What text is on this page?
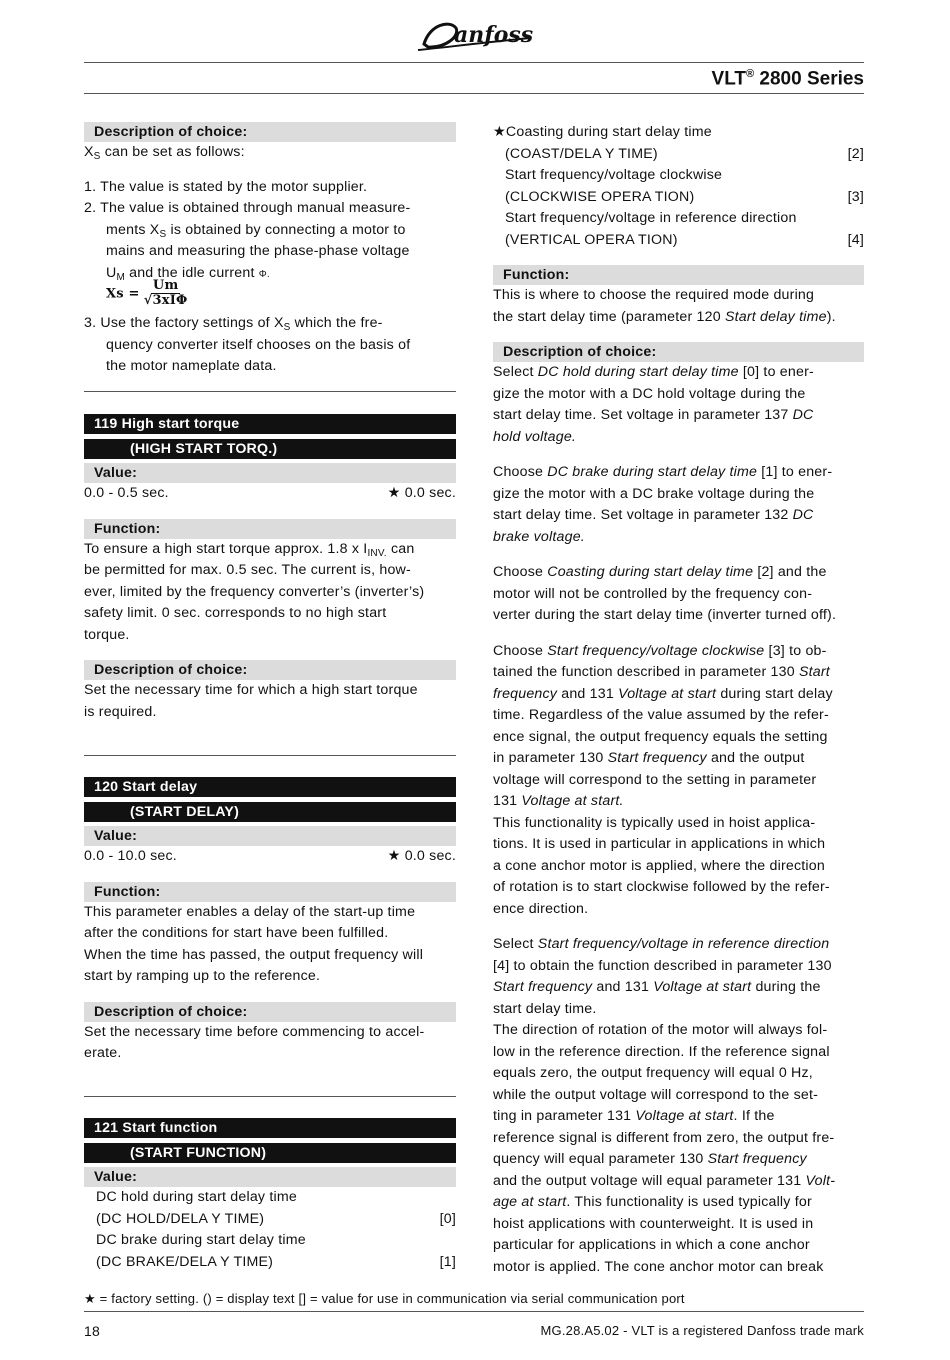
anfoss
VLT® 2800 Series
Description of choice:

$X_S$ can be set as follows:

1. The value is stated by the motor supplier.

2. The value is obtained through manual measure-

ments $X_S$ is obtained by connecting a motor to

mains and measuring the phase-phase voltage

$U_M$ and the idle current Φ.

$Xs = \frac{Um}{\text{√3xIΦ}}$

3. Use the factory settings of $X_S$ which the fre-

quency converter itself chooses on the basis of

the motor nameplate data.

119 High start torque
(HIGH START TORQ.)
Value:
0.0 - 0.5 sec.	★ 0.0 sec.
Function:

To ensure a high start torque approx. 1.8 x $I_{INV.}$ can

be permitted for max. 0.5 sec. The current is, how-

ever, limited by the frequency converter’s (inverter’s)

safety limit. 0 sec. corresponds to no high start

torque.

Description of choice:

Set the necessary time for which a high start torque

is required.

120 Start delay
(START DELAY)
Value:
0.0 - 10.0 sec.	★ 0.0 sec.
Function:

This parameter enables a delay of the start-up time

after the conditions for start have been fulfilled.

When the time has passed, the output frequency will

start by ramping up to the reference.

Description of choice:

Set the necessary time before commencing to accel-

erate.

121 Start function
(START FUNCTION)
Value:

DC hold during start delay time

(DC HOLD/DELA Y TIME)	[0]

DC brake during start delay time

(DC BRAKE/DELA Y TIME)	[1]

★Coasting during start delay time

(COAST/DELA Y TIME)	[2]

Start frequency/voltage clockwise

(CLOCKWISE OPERA TION)	[3]

Start frequency/voltage in reference direction

(VERTICAL OPERA TION)	[4]
Function:

This is where to choose the required mode during

the start delay time (parameter 120 Start delay time).

Description of choice:

Select DC hold during start delay time [0] to ener-

gize the motor with a DC hold voltage during the

start delay time. Set voltage in parameter 137 DC

hold voltage.

Choose DC brake during start delay time [1] to ener-

gize the motor with a DC brake voltage during the

start delay time. Set voltage in parameter 132 DC

brake voltage.

Choose Coasting during start delay time [2] and the

motor will not be controlled by the frequency con-

verter during the start delay time (inverter turned off).

Choose Start frequency/voltage clockwise [3] to ob-

tained the function described in parameter 130 Start

frequency and 131 Voltage at start during start delay

time. Regardless of the value assumed by the refer-

ence signal, the output frequency equals the setting

in parameter 130 Start frequency and the output

voltage will correspond to the setting in parameter

131 Voltage at start.

This functionality is typically used in hoist applica-

tions. It is used in particular in applications in which

a cone anchor motor is applied, where the direction

of rotation is to start clockwise followed by the refer-

ence direction.

Select Start frequency/voltage in reference direction

[4] to obtain the function described in parameter 130

Start frequency and 131 Voltage at start during the

start delay time.

The direction of rotation of the motor will always fol-

low in the reference direction. If the reference signal

equals zero, the output frequency will equal 0 Hz,

while the output voltage will correspond to the set-

ting in parameter 131 Voltage at start. If the

reference signal is different from zero, the output fre-

quency will equal parameter 130 Start frequency

and the output voltage will equal parameter 131 Volt-

age at start. This functionality is used typically for

hoist applications with counterweight. It is used in

particular for applications in which a cone anchor

motor is applied. The cone anchor motor can break

★ = factory setting. () = display text [] = value for use in communication via serial communication port
18	MG.28.A5.02 - VLT is a registered Danfoss trade mark
